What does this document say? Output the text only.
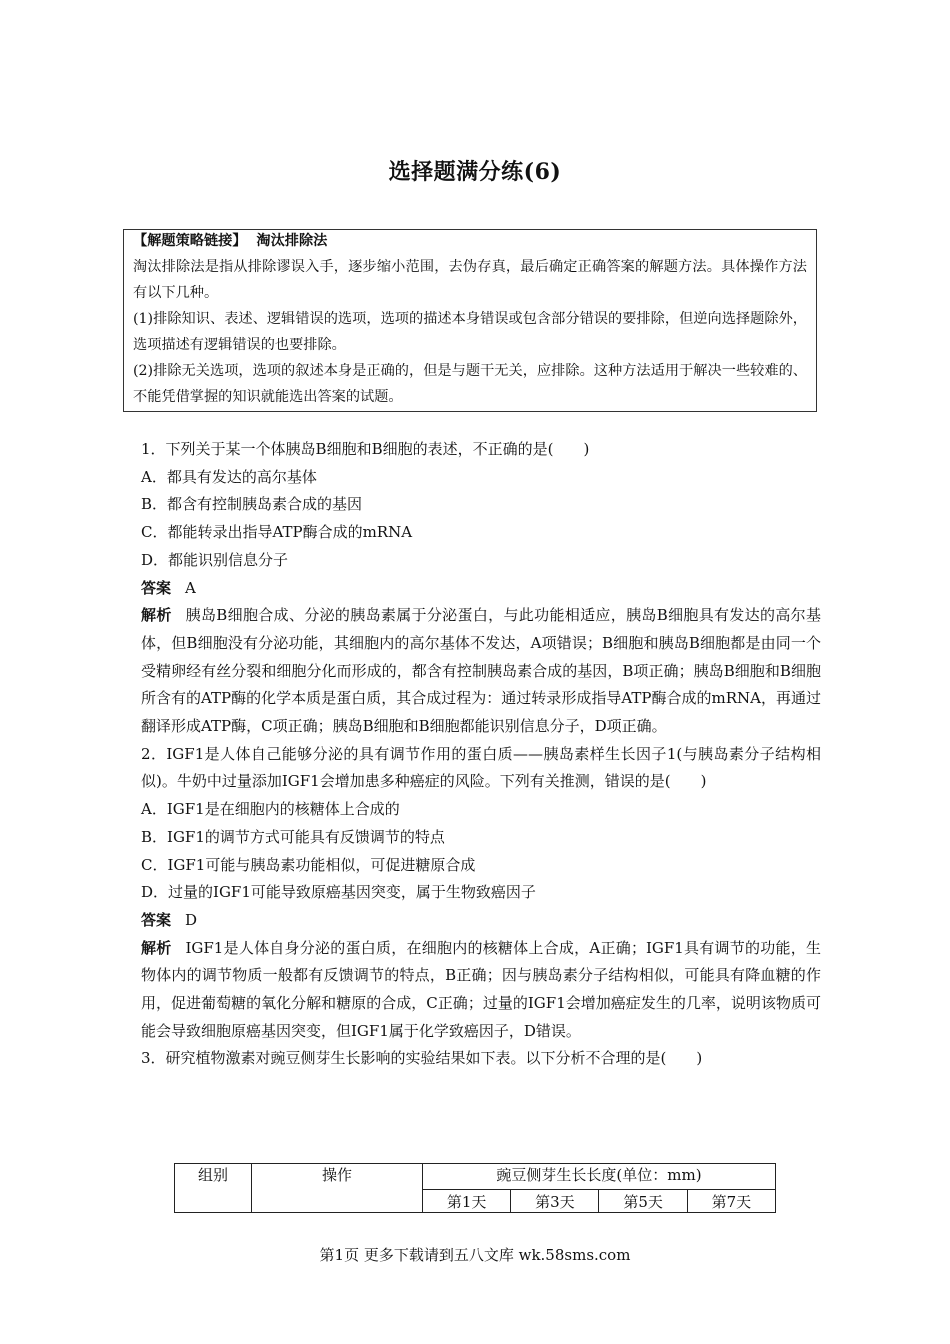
选择题满分练(6)
【解题策略链接】 淘汰排除法
淘汰排除法是指从排除谬误入手，逐步缩小范围，去伪存真，最后确定正确答案的解题方法。具体操作方法有以下几种。
(1)排除知识、表述、逻辑错误的选项，选项的描述本身错误或包含部分错误的要排除，但逆向选择题除外，选项描述有逻辑错误的也要排除。
(2)排除无关选项，选项的叙述本身是正确的，但是与题干无关，应排除。这种方法适用于解决一些较难的、不能凭借掌握的知识就能选出答案的试题。
1．下列关于某一个体胰岛B细胞和B细胞的表述，不正确的是(　　)
A．都具有发达的高尔基体
B．都含有控制胰岛素合成的基因
C．都能转录出指导ATP酶合成的mRNA
D．都能识别信息分子
答案 A
解析 胰岛B细胞合成、分泌的胰岛素属于分泌蛋白，与此功能相适应，胰岛B细胞具有发达的高尔基体，但B细胞没有分泌功能，其细胞内的高尔基体不发达，A项错误；B细胞和胰岛B细胞都是由同一个受精卵经有丝分裂和细胞分化而形成的，都含有控制胰岛素合成的基因，B项正确；胰岛B细胞和B细胞所含有的ATP酶的化学本质是蛋白质，其合成过程为：通过转录形成指导ATP酶合成的mRNA，再通过翻译形成ATP酶，C项正确；胰岛B细胞和B细胞都能识别信息分子，D项正确。
2．IGF1是人体自己能够分泌的具有调节作用的蛋白质——胰岛素样生长因子1(与胰岛素分子结构相似)。牛奶中过量添加IGF1会增加患多种癌症的风险。下列有关推测，错误的是(　　)
A．IGF1是在细胞内的核糖体上合成的
B．IGF1的调节方式可能具有反馈调节的特点
C．IGF1可能与胰岛素功能相似，可促进糖原合成
D．过量的IGF1可能导致原癌基因突变，属于生物致癌因子
答案 D
解析 IGF1是人体自身分泌的蛋白质，在细胞内的核糖体上合成，A正确；IGF1具有调节的功能，生物体内的调节物质一般都有反馈调节的特点，B正确；因与胰岛素分子结构相似，可能具有降血糖的作用，促进葡萄糖的氧化分解和糖原的合成，C正确；过量的IGF1会增加癌症发生的几率，说明该物质可能会导致细胞原癌基因突变，但IGF1属于化学致癌因子，D错误。
3．研究植物激素对豌豆侧芽生长影响的实验结果如下表。以下分析不合理的是(　　)
组别	操作	豌豆侧芽生长长度(单位：mm)			
		第1天	第3天	第5天	第7天
第1页 更多下载请到五八文库 wk.58sms.com
